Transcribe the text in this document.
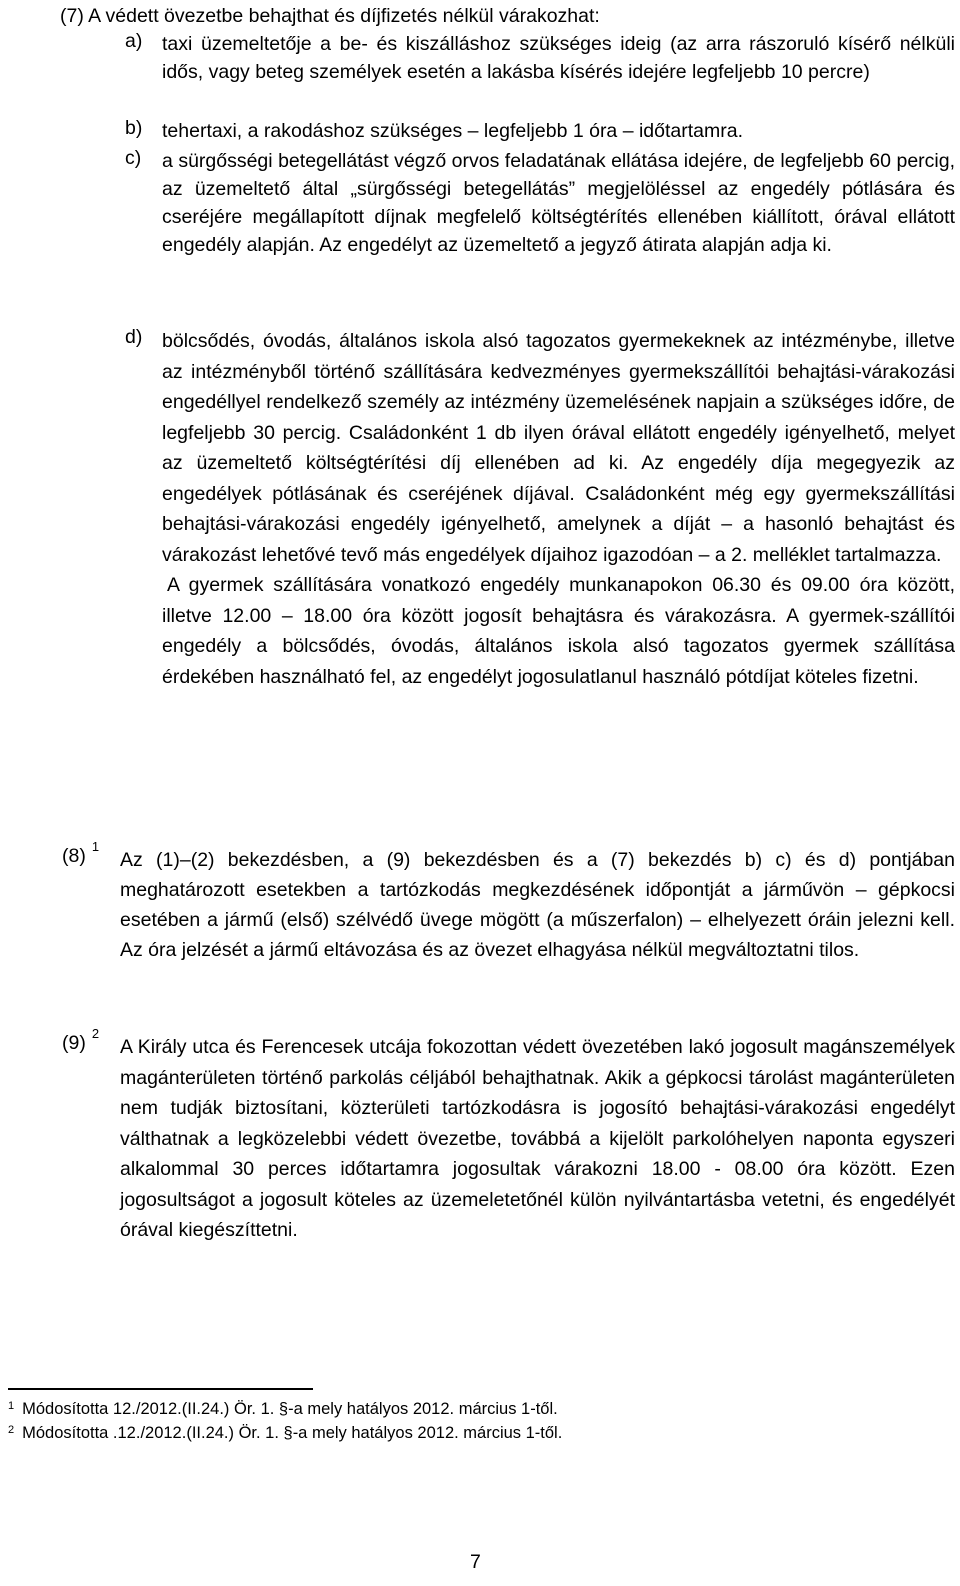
(7) A védett övezetbe behajthat és díjfizetés nélkül várakozhat:
a) taxi üzemeltetője a be- és kiszálláshoz szükséges ideig (az arra rászoruló kísérő nélküli idős, vagy beteg személyek esetén a lakásba kísérés idejére legfeljebb 10 percre)

b) tehertaxi, a rakodáshoz szükséges – legfeljebb 1 óra – időtartamra.

c) a sürgősségi betegellátást végző orvos feladatának ellátása idejére, de legfeljebb 60 percig, az üzemeltető által „sürgősségi betegellátás” megjelöléssel az engedély pótlására és cseréjére megállapított díjnak megfelelő költségtérítés ellenében kiállított, órával ellátott engedély alapján. Az engedélyt az üzemeltető a jegyző átirata alapján adja ki.

d) bölcsődés, óvodás, általános iskola alsó tagozatos gyermekeknek az intézménybe, illetve az intézményből történő szállítására kedvezményes gyermekszállítói behajtási-várakozási engedéllyel rendelkező személy az intézmény üzemelésének napjain a szükséges időre, de legfeljebb 30 percig. Családonként 1 db ilyen órával ellátott engedély igényelhető, melyet az üzemeltető költségtérítési díj ellenében ad ki. Az engedély díja megegyezik az engedélyek pótlásának és cseréjének díjával. Családonként még egy gyermekszállítási behajtási-várakozási engedély igényelhető, amelynek a díját – a hasonló behajtást és várakozást lehetővé tevő más engedélyek díjaihoz igazodóan – a 2. melléklet tartalmazza.

A gyermek szállítására vonatkozó engedély munkanapokon 06.30 és 09.00 óra között, illetve 12.00 – 18.00 óra között jogosít behajtásra és várakozásra. A gyermek-szállítói engedély a bölcsődés, óvodás, általános iskola alsó tagozatos gyermek szállítása érdekében használható fel, az engedélyt jogosulatlanul használó pótdíjat köteles fizetni.

(8) $^1$

Az (1)–(2) bekezdésben, a (9) bekezdésben és a (7) bekezdés b) c) és d) pontjában meghatározott esetekben a tartózkodás megkezdésének időpontját a járművön – gépkocsi esetében a jármű (első) szélvédő üvege mögött (a műszerfalon) – elhelyezett óráin jelezni kell. Az óra jelzését a jármű eltávozása és az övezet elhagyása nélkül megváltoztatni tilos.

(9) $^2$

A Király utca és Ferencesek utcája fokozottan védett övezetében lakó jogosult magánszemélyek magánterületen történő parkolás céljából behajthatnak. Akik a gépkocsi tárolást magánterületen nem tudják biztosítani, közterületi tartózkodásra is jogosító behajtási-várakozási engedélyt válthatnak a legközelebbi védett övezetbe, továbbá a kijelölt parkolóhelyen naponta egyszeri alkalommal 30 perces időtartamra jogosultak várakozni 18.00 - 08.00 óra között. Ezen jogosultságot a jogosult köteles az üzemeletetőnél külön nyilvántartásba vetetni, és engedélyét órával kiegészíttetni.

$^1$ Módosította 12./2012.(II.24.) Ör. 1. §-a mely hatályos 2012. március 1-től.
$^2$ Módosította .12./2012.(II.24.) Ör. 1. §-a mely hatályos 2012. március 1-től.
7
